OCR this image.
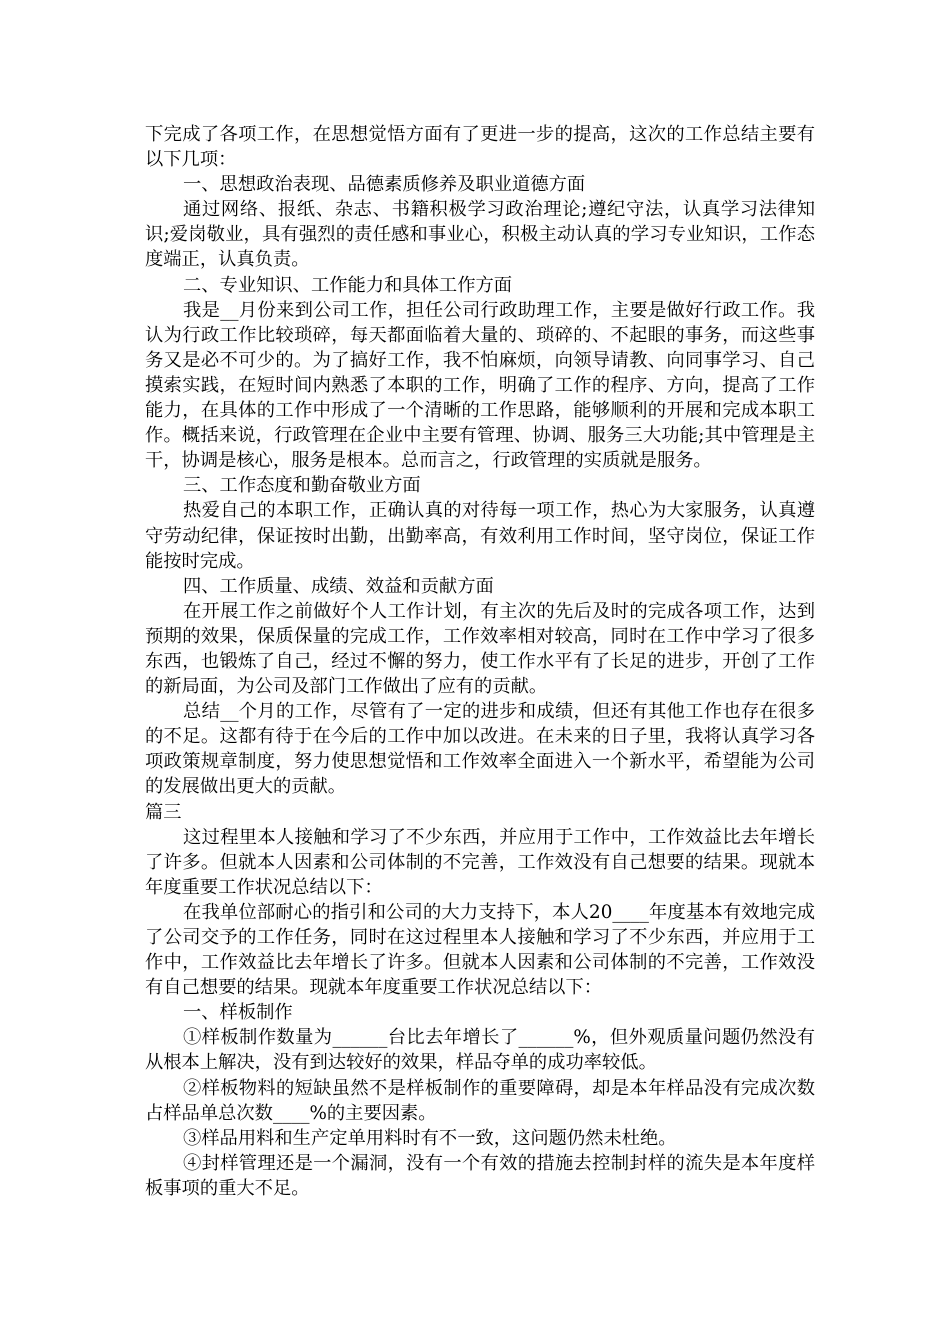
下完成了各项工作，在思想觉悟方面有了更进一步的提高，这次的工作总结主要有以下几项：

一、思想政治表现、品德素质修养及职业道德方面

通过网络、报纸、杂志、书籍积极学习政治理论;遵纪守法，认真学习法律知识;爱岗敬业，具有强烈的责任感和事业心，积极主动认真的学习专业知识，工作态度端正，认真负责。

二、专业知识、工作能力和具体工作方面

我是__月份来到公司工作，担任公司行政助理工作，主要是做好行政工作。我认为行政工作比较琐碎，每天都面临着大量的、琐碎的、不起眼的事务，而这些事务又是必不可少的。为了搞好工作，我不怕麻烦，向领导请教、向同事学习、自己摸索实践，在短时间内熟悉了本职的工作，明确了工作的程序、方向，提高了工作能力，在具体的工作中形成了一个清晰的工作思路，能够顺利的开展和完成本职工作。概括来说，行政管理在企业中主要有管理、协调、服务三大功能;其中管理是主干，协调是核心，服务是根本。总而言之，行政管理的实质就是服务。

三、工作态度和勤奋敬业方面

热爱自己的本职工作，正确认真的对待每一项工作，热心为大家服务，认真遵守劳动纪律，保证按时出勤，出勤率高，有效利用工作时间，坚守岗位，保证工作能按时完成。

四、工作质量、成绩、效益和贡献方面

在开展工作之前做好个人工作计划，有主次的先后及时的完成各项工作，达到预期的效果，保质保量的完成工作，工作效率相对较高，同时在工作中学习了很多东西，也锻炼了自己，经过不懈的努力，使工作水平有了长足的进步，开创了工作的新局面，为公司及部门工作做出了应有的贡献。

总结__个月的工作，尽管有了一定的进步和成绩，但还有其他工作也存在很多的不足。这都有待于在今后的工作中加以改进。在未来的日子里，我将认真学习各项政策规章制度，努力使思想觉悟和工作效率全面进入一个新水平，希望能为公司的发展做出更大的贡献。

篇三

这过程里本人接触和学习了不少东西，并应用于工作中，工作效益比去年增长了许多。但就本人因素和公司体制的不完善，工作效没有自己想要的结果。现就本年度重要工作状况总结以下：

在我单位部耐心的指引和公司的大力支持下，本人20____年度基本有效地完成了公司交予的工作任务，同时在这过程里本人接触和学习了不少东西，并应用于工作中，工作效益比去年增长了许多。但就本人因素和公司体制的不完善，工作效没有自己想要的结果。现就本年度重要工作状况总结以下：

一、样板制作

①样板制作数量为______台比去年增长了______%，但外观质量问题仍然没有从根本上解决，没有到达较好的效果，样品夺单的成功率较低。

②样板物料的短缺虽然不是样板制作的重要障碍，却是本年样品没有完成次数占样品单总次数____%的主要因素。

③样品用料和生产定单用料时有不一致，这问题仍然未杜绝。

④封样管理还是一个漏洞，没有一个有效的措施去控制封样的流失是本年度样板事项的重大不足。
